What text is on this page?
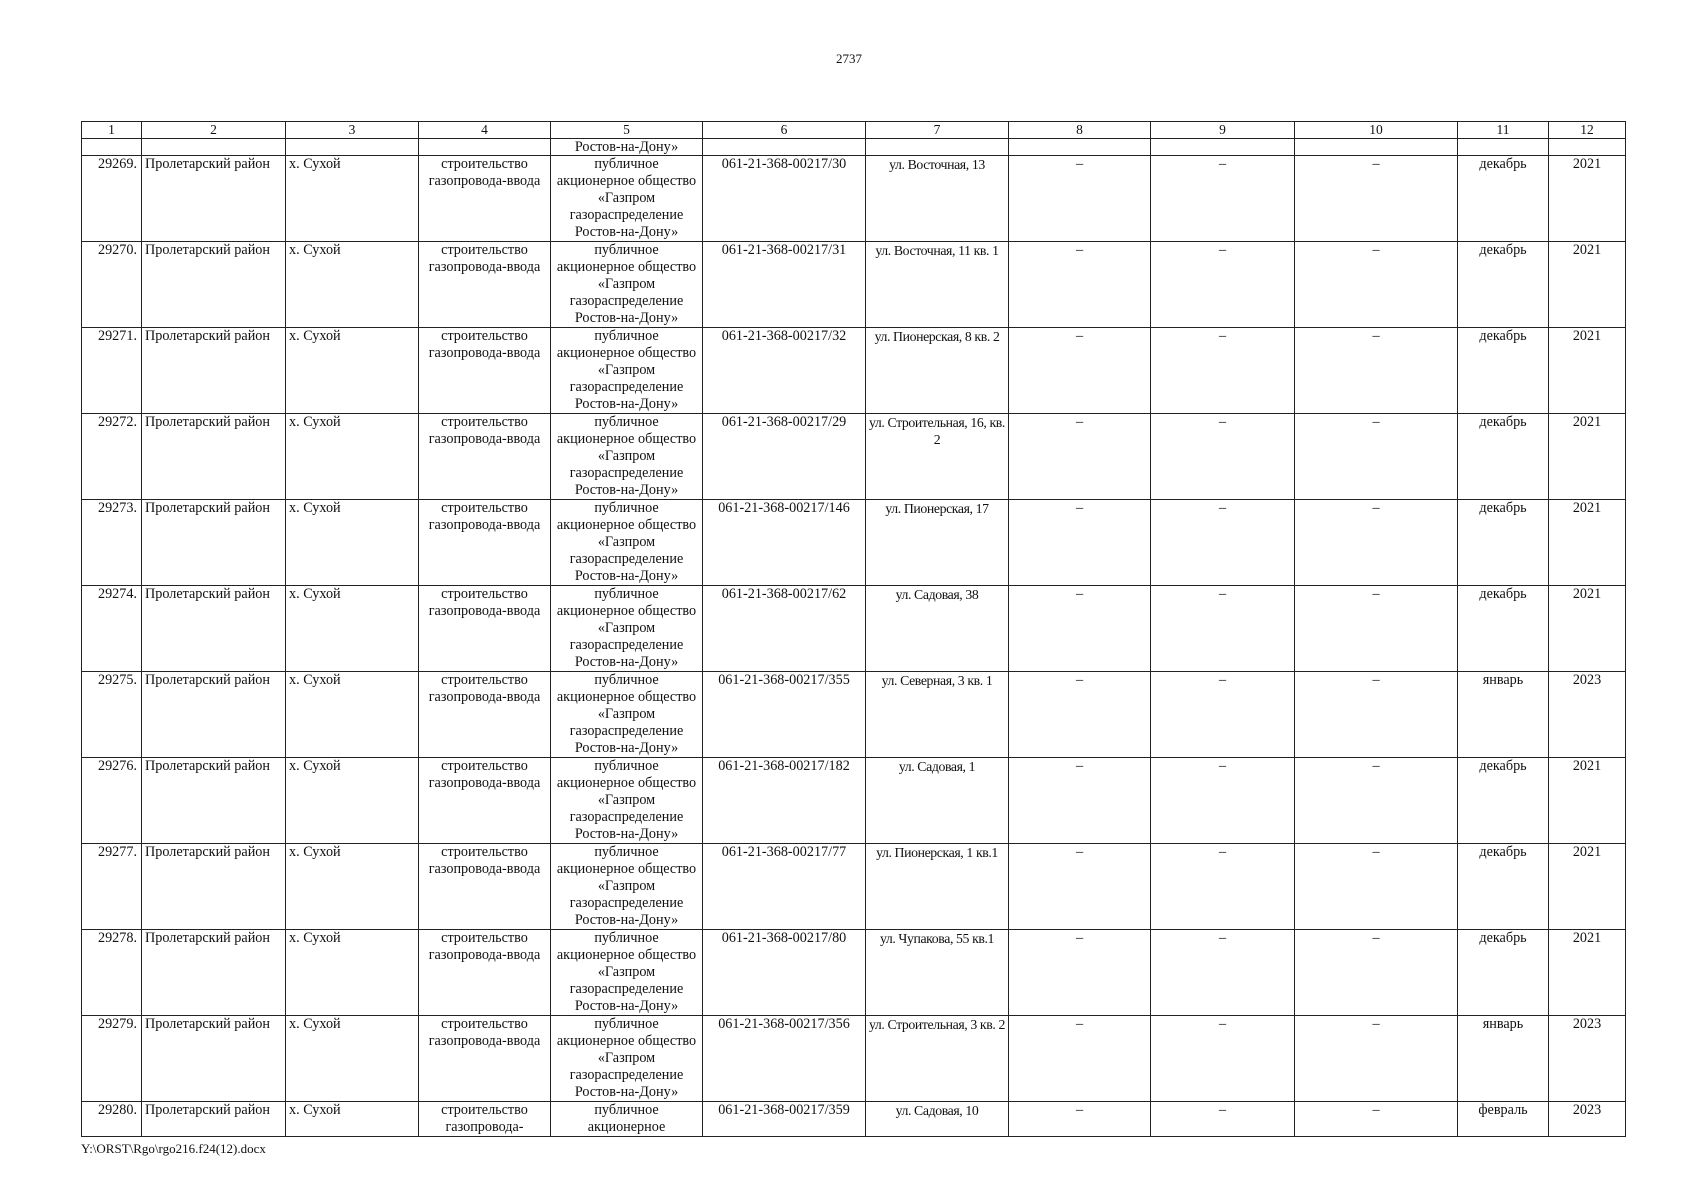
2737
1	2	3	4	5	6	7	8	9	10	11	12
				Ростов-на-Дону»							
29269.	Пролетарский район	х. Сухой	строительство газопровода-ввода	публичное акционерное общество «Газпром газораспределение Ростов-на-Дону»	061-21-368-00217/30	ул. Восточная, 13	–	–	–	декабрь	2021
29270.	Пролетарский район	х. Сухой	строительство газопровода-ввода	публичное акционерное общество «Газпром газораспределение Ростов-на-Дону»	061-21-368-00217/31	ул. Восточная, 11 кв. 1	–	–	–	декабрь	2021
29271.	Пролетарский район	х. Сухой	строительство газопровода-ввода	публичное акционерное общество «Газпром газораспределение Ростов-на-Дону»	061-21-368-00217/32	ул. Пионерская, 8 кв. 2	–	–	–	декабрь	2021
29272.	Пролетарский район	х. Сухой	строительство газопровода-ввода	публичное акционерное общество «Газпром газораспределение Ростов-на-Дону»	061-21-368-00217/29	ул. Строительная, 16, кв. 2	–	–	–	декабрь	2021
29273.	Пролетарский район	х. Сухой	строительство газопровода-ввода	публичное акционерное общество «Газпром газораспределение Ростов-на-Дону»	061-21-368-00217/146	ул. Пионерская, 17	–	–	–	декабрь	2021
29274.	Пролетарский район	х. Сухой	строительство газопровода-ввода	публичное акционерное общество «Газпром газораспределение Ростов-на-Дону»	061-21-368-00217/62	ул. Садовая, 38	–	–	–	декабрь	2021
29275.	Пролетарский район	х. Сухой	строительство газопровода-ввода	публичное акционерное общество «Газпром газораспределение Ростов-на-Дону»	061-21-368-00217/355	ул. Северная, 3 кв. 1	–	–	–	январь	2023
29276.	Пролетарский район	х. Сухой	строительство газопровода-ввода	публичное акционерное общество «Газпром газораспределение Ростов-на-Дону»	061-21-368-00217/182	ул. Садовая, 1	–	–	–	декабрь	2021
29277.	Пролетарский район	х. Сухой	строительство газопровода-ввода	публичное акционерное общество «Газпром газораспределение Ростов-на-Дону»	061-21-368-00217/77	ул. Пионерская, 1 кв.1	–	–	–	декабрь	2021
29278.	Пролетарский район	х. Сухой	строительство газопровода-ввода	публичное акционерное общество «Газпром газораспределение Ростов-на-Дону»	061-21-368-00217/80	ул. Чупакова, 55 кв.1	–	–	–	декабрь	2021
29279.	Пролетарский район	х. Сухой	строительство газопровода-ввода	публичное акционерное общество «Газпром газораспределение Ростов-на-Дону»	061-21-368-00217/356	ул. Строительная, 3 кв. 2	–	–	–	январь	2023
29280.	Пролетарский район	х. Сухой	строительство газопровода-	публичное акционерное	061-21-368-00217/359	ул. Садовая, 10	–	–	–	февраль	2023
Y:\ORST\Rgo\rgo216.f24(12).docx
